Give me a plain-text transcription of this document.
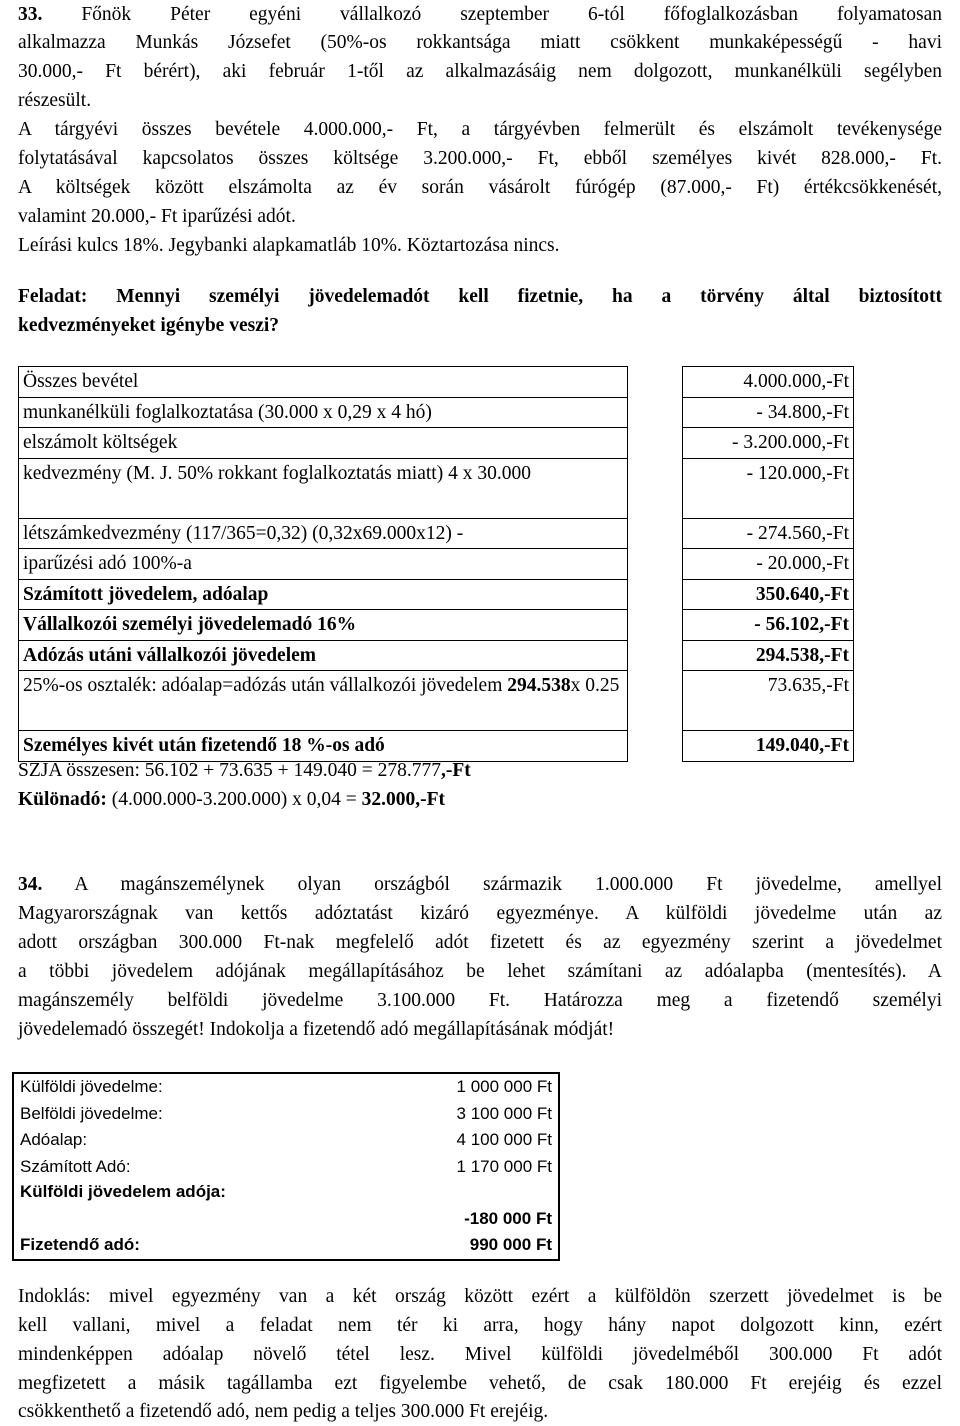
33. Főnök Péter egyéni vállalkozó szeptember 6-tól főfoglalkozásban folyamatosan
alkalmazza Munkás Józsefet (50%-os rokkantsága miatt csökkent munkaképességű - havi
30.000,- Ft bérért), aki február 1-től az alkalmazásáig nem dolgozott, munkanélküli segélyben
részesült.
A tárgyévi összes bevétele 4.000.000,- Ft, a tárgyévben felmerült és elszámolt tevékenysége
folytatásával kapcsolatos összes költsége 3.200.000,- Ft, ebből személyes kivét 828.000,- Ft.
A költségek között elszámolta az év során vásárolt fúrógép (87.000,- Ft) értékcsökkenését,
valamint 20.000,- Ft iparűzési adót.
Leírási kulcs 18%. Jegybanki alapkamatláb 10%. Köztartozása nincs.
Feladat: Mennyi személyi jövedelemadót kell fizetnie, ha a törvény által biztosított
kedvezményeket igénybe veszi?
Összes bevétel		4.000.000,-Ft
munkanélküli foglalkoztatása (30.000 x 0,29 x 4 hó)		- 34.800,-Ft
elszámolt költségek		- 3.200.000,-Ft
kedvezmény (M. J. 50% rokkant foglalkoztatás miatt) 4 x 30.000		- 120.000,-Ft
létszámkedvezmény (117/365=0,32) (0,32x69.000x12) -		- 274.560,-Ft
iparűzési adó 100%-a		- 20.000,-Ft
Számított jövedelem, adóalap		350.640,-Ft
Vállalkozói személyi jövedelemadó 16%		- 56.102,-Ft
Adózás utáni vállalkozói jövedelem		294.538,-Ft
25%-os osztalék: adóalap=adózás után vállalkozói jövedelem 294.538x 0.25		73.635,-Ft
Személyes kivét után fizetendő 18 %-os adó		149.040,-Ft
SZJA összesen: 56.102 + 73.635 + 149.040 = 278.777,-Ft
Különadó: (4.000.000-3.200.000) x 0,04 = 32.000,-Ft
34. A magánszemélynek olyan országból származik 1.000.000 Ft jövedelme, amellyel
Magyarországnak van kettős adóztatást kizáró egyezménye. A külföldi jövedelme után az
adott országban 300.000 Ft-nak megfelelő adót fizetett és az egyezmény szerint a jövedelmet
a többi jövedelem adójának megállapításához be lehet számítani az adóalapba (mentesítés). A
magánszemély belföldi jövedelme 3.100.000 Ft. Határozza meg a fizetendő személyi
jövedelemadó összegét! Indokolja a fizetendő adó megállapításának módját!
Külföldi jövedelme:	1 000 000 Ft
Belföldi jövedelme:	3 100 000 Ft
Adóalap:	4 100 000 Ft
Számított Adó:	1 170 000 Ft
Külföldi jövedelem adója:	-180 000 Ft
Fizetendő adó:	990 000 Ft
Indoklás: mivel egyezmény van a két ország között ezért a külföldön szerzett jövedelmet is be
kell vallani, mivel a feladat nem tér ki arra, hogy hány napot dolgozott kinn, ezért
mindenképpen adóalap növelő tétel lesz. Mivel külföldi jövedelméből 300.000 Ft adót
megfizetett a másik tagállamba ezt figyelembe vehető, de csak 180.000 Ft erejéig és ezzel
csökkenthető a fizetendő adó, nem pedig a teljes 300.000 Ft erejéig.
